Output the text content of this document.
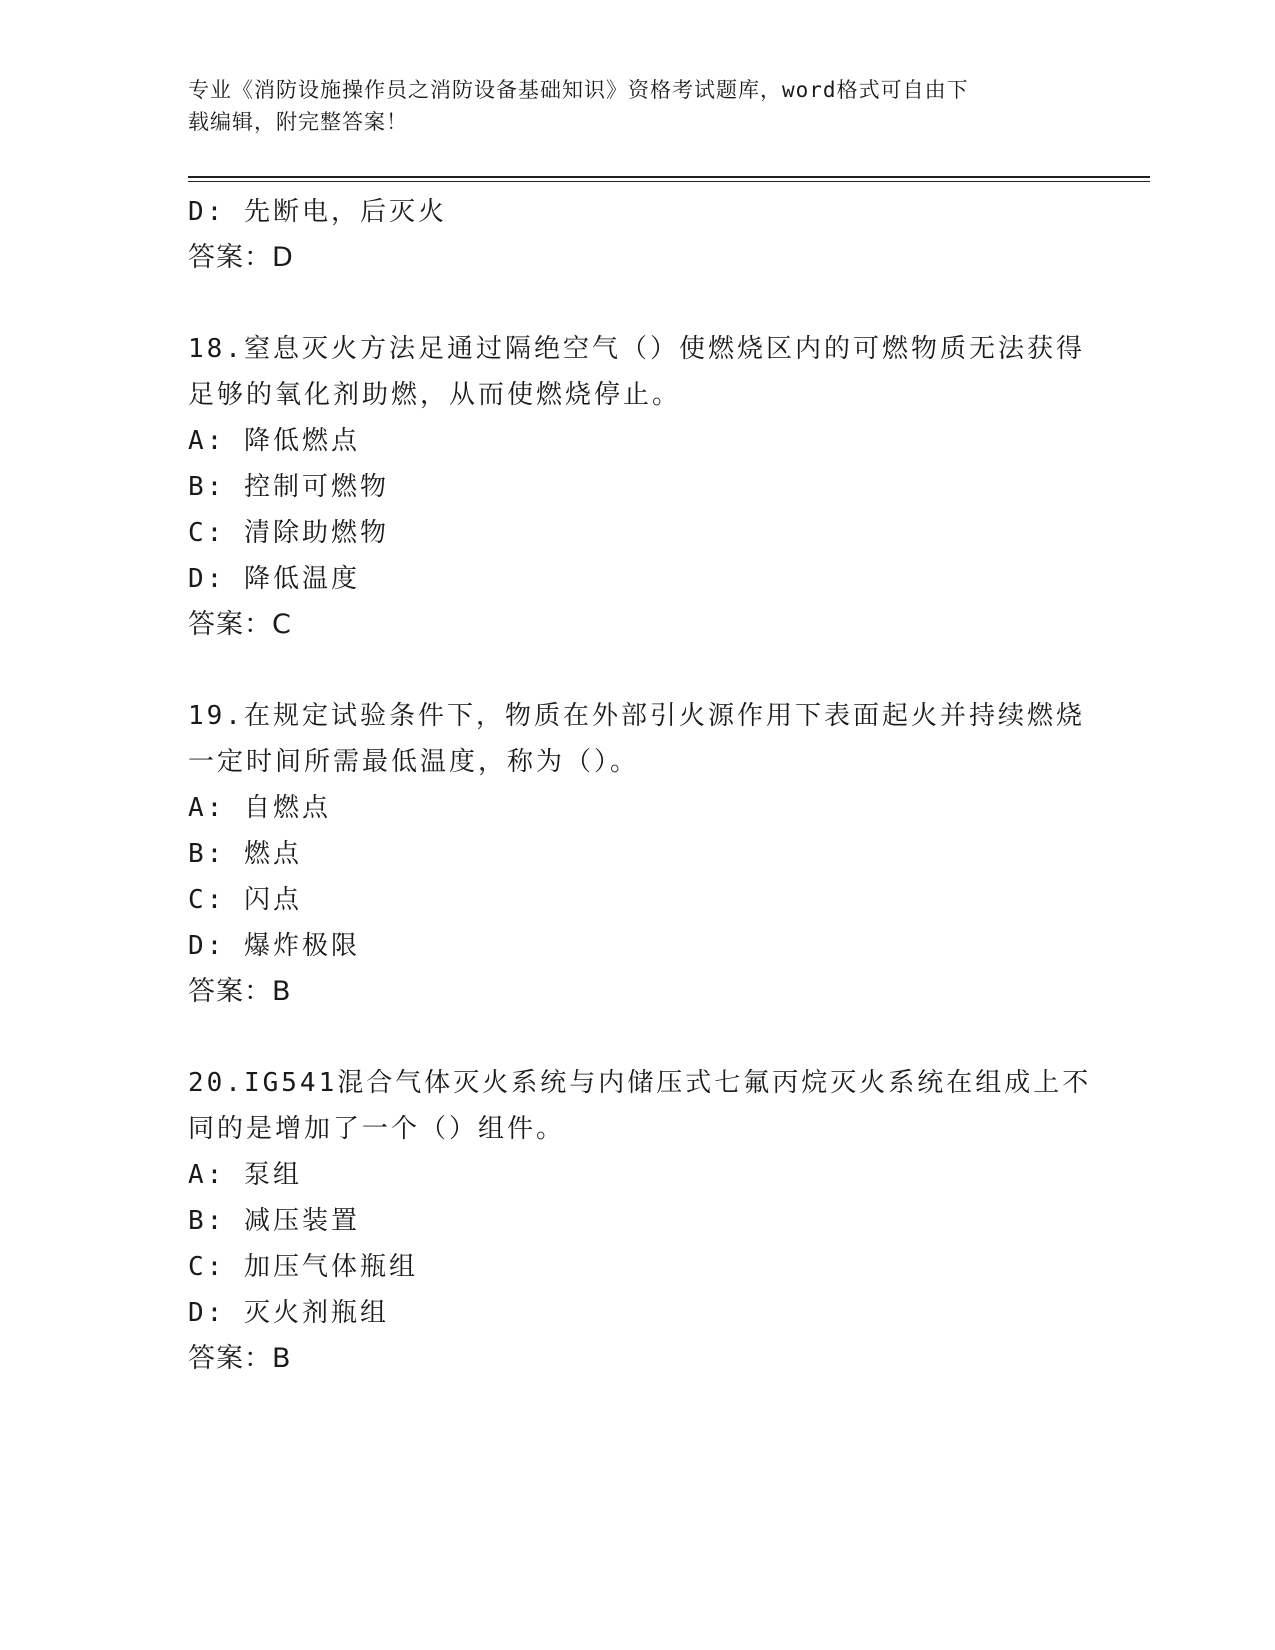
专业《消防设施操作员之消防设备基础知识》资格考试题库，word格式可自由下
载编辑，附完整答案！
D: 先断电，后灭火
答案：D
18.窒息灭火方法足通过隔绝空气（）使燃烧区内的可燃物质无法获得
足够的氧化剂助燃，从而使燃烧停止。
A: 降低燃点
B: 控制可燃物
C: 清除助燃物
D: 降低温度
答案：C
19.在规定试验条件下，物质在外部引火源作用下表面起火并持续燃烧
一定时间所需最低温度，称为（）。
A: 自燃点
B: 燃点
C: 闪点
D: 爆炸极限
答案：B
20.IG541混合气体灭火系统与内储压式七氟丙烷灭火系统在组成上不
同的是增加了一个（）组件。
A: 泵组
B: 减压装置
C: 加压气体瓶组
D: 灭火剂瓶组
答案：B
